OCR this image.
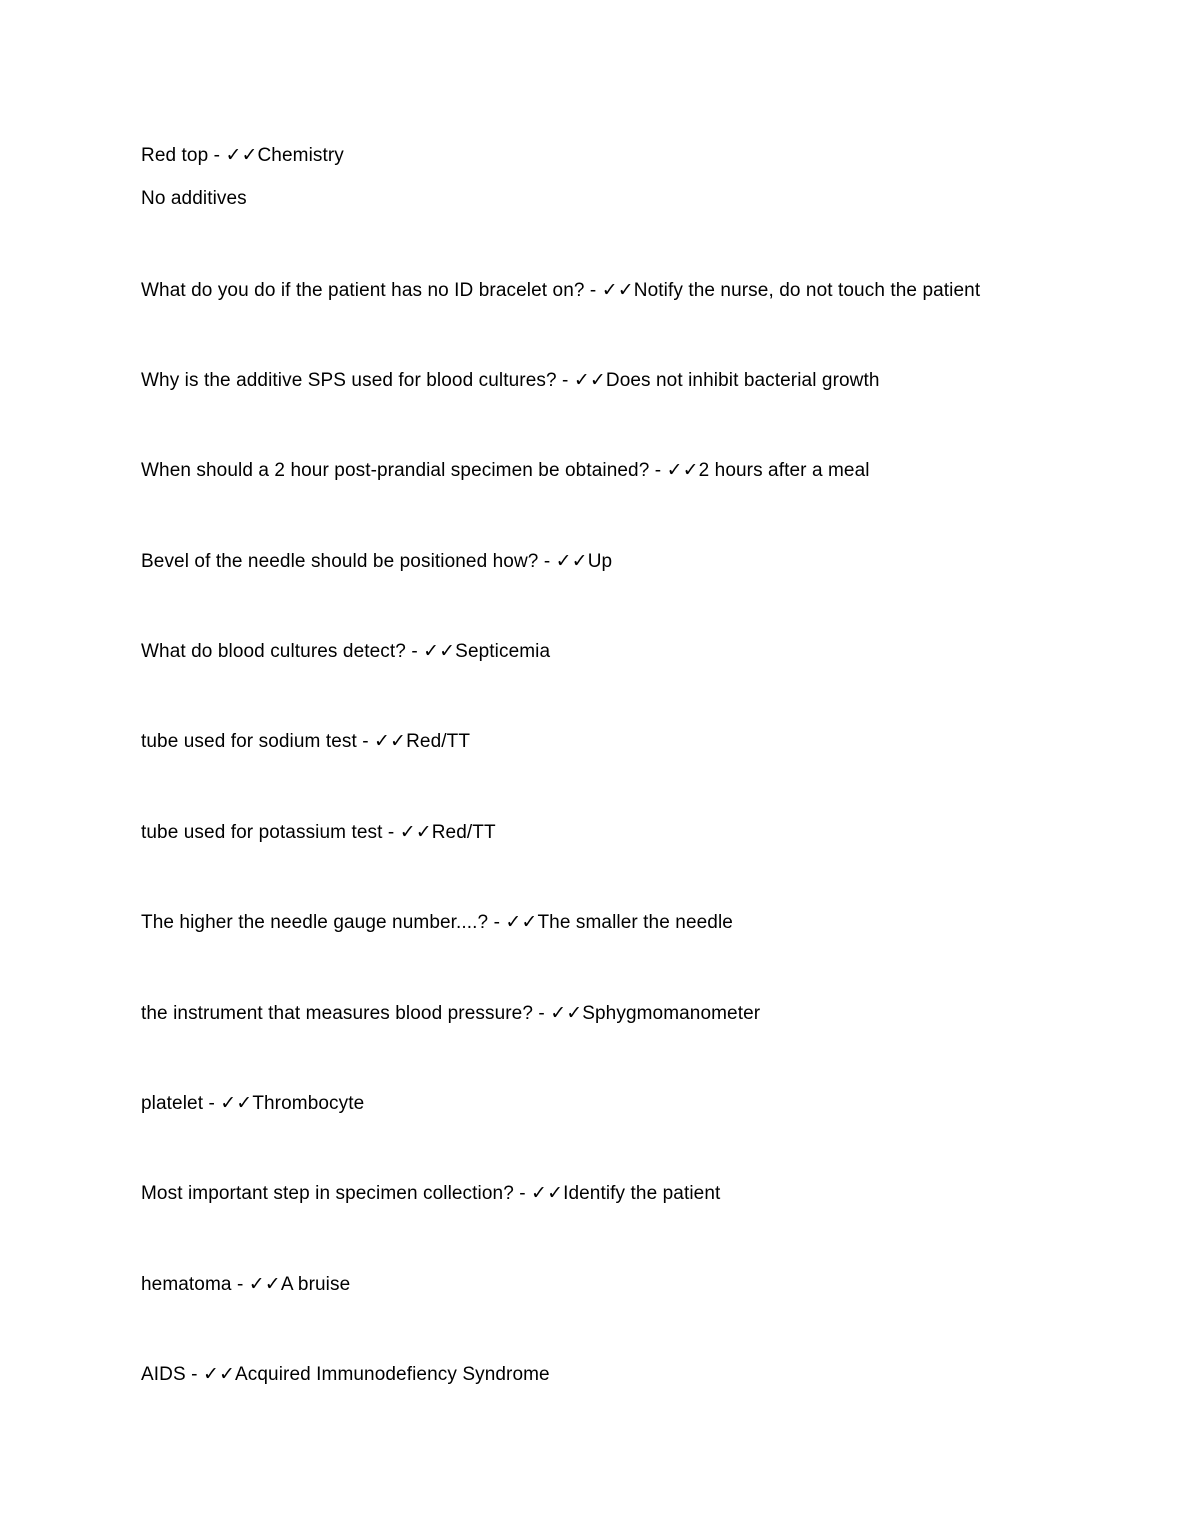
Red top - ✓✓Chemistry
No additives
What do you do if the patient has no ID bracelet on? - ✓✓Notify the nurse, do not touch the patient
Why is the additive SPS used for blood cultures? - ✓✓Does not inhibit bacterial growth
When should a 2 hour post-prandial specimen be obtained? - ✓✓2 hours after a meal
Bevel of the needle should be positioned how? - ✓✓Up
What do blood cultures detect? - ✓✓Septicemia
tube used for sodium test - ✓✓Red/TT
tube used for potassium test - ✓✓Red/TT
The higher the needle gauge number....? - ✓✓The smaller the needle
the instrument that measures blood pressure? - ✓✓Sphygmomanometer
platelet - ✓✓Thrombocyte
Most important step in specimen collection? - ✓✓Identify the patient
hematoma - ✓✓A bruise
AIDS - ✓✓Acquired Immunodefiency Syndrome
